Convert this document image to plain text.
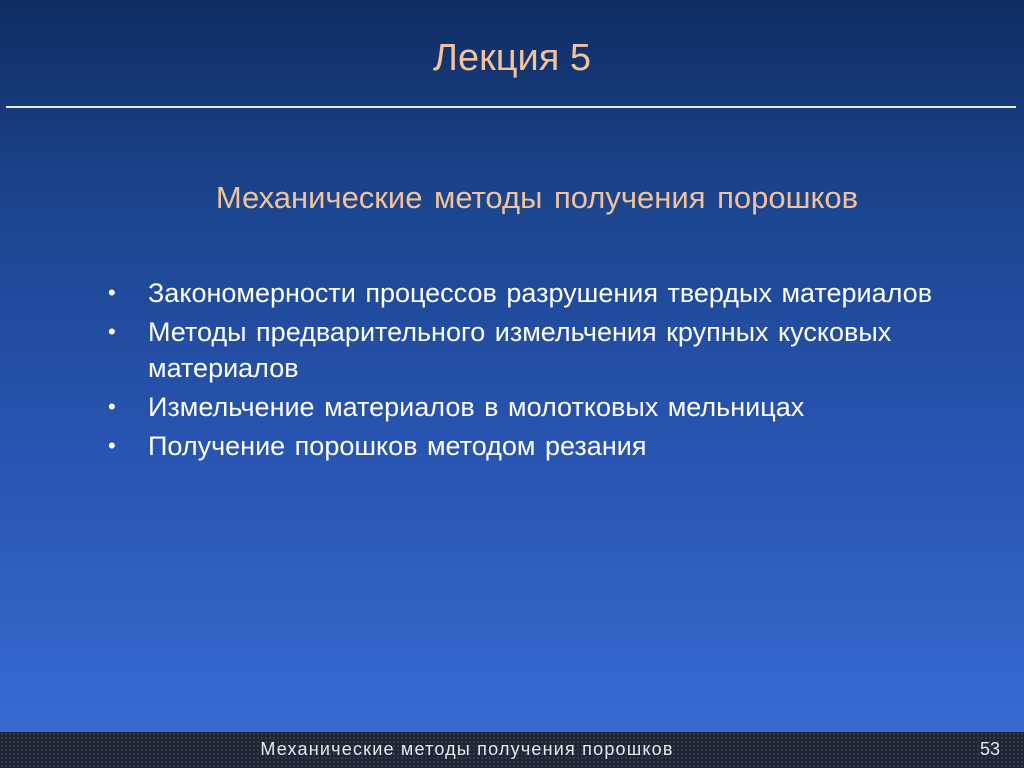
Лекция 5
Механические методы получения порошков
•	Закономерности процессов разрушения твердых материалов
•	Методы предварительного измельчения крупных кусковых материалов
•	Измельчение материалов в молотковых мельницах
•	Получение порошков методом резания
Механические методы получения порошков	53
